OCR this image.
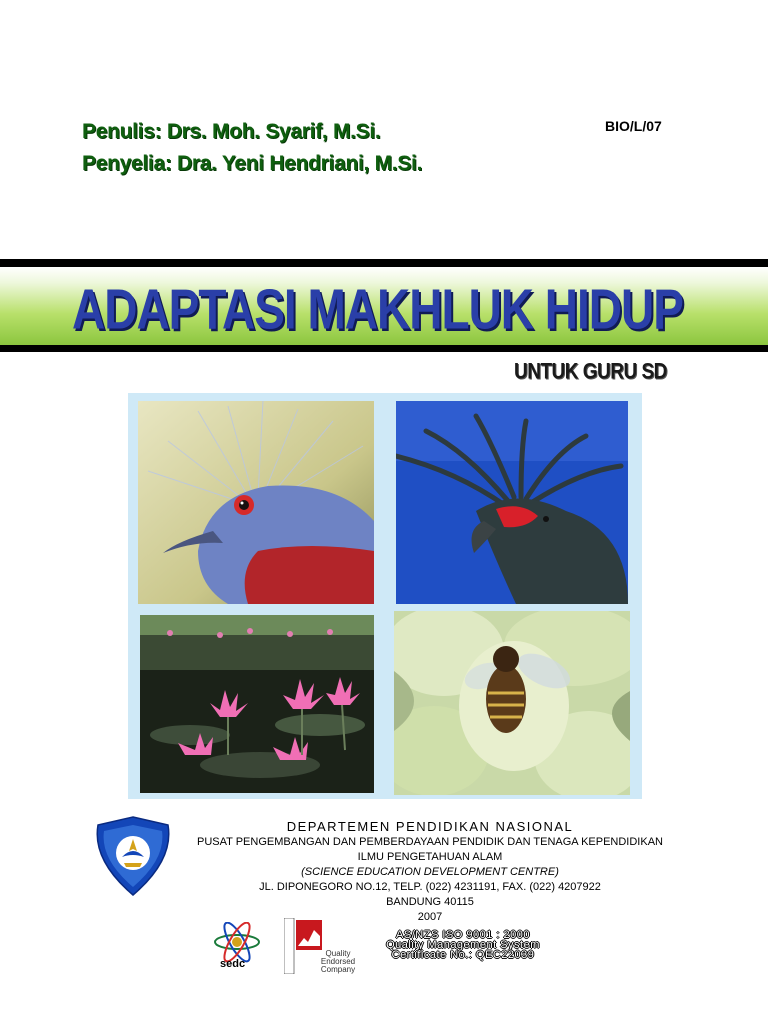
Penulis: Drs. Moh. Syarif, M.Si.
Penyelia: Dra. Yeni Hendriani, M.Si.
BIO/L/07
ADAPTASI MAKHLUK HIDUP
UNTUK GURU SD
DEPARTEMEN PENDIDIKAN NASIONAL
PUSAT PENGEMBANGAN DAN PEMBERDAYAAN PENDIDIK DAN TENAGA KEPENDIDIKAN
ILMU PENGETAHUAN ALAM
(SCIENCE EDUCATION DEVELOPMENT CENTRE)
JL. DIPONEGORO NO.12, TELP. (022) 4231191, FAX. (022) 4207922
BANDUNG 40115
2007
sedc
Quality
Endorsed
Company
AS/NZS ISO 9001 : 2000
Quality Management System
Certificate No.: QEC22039
